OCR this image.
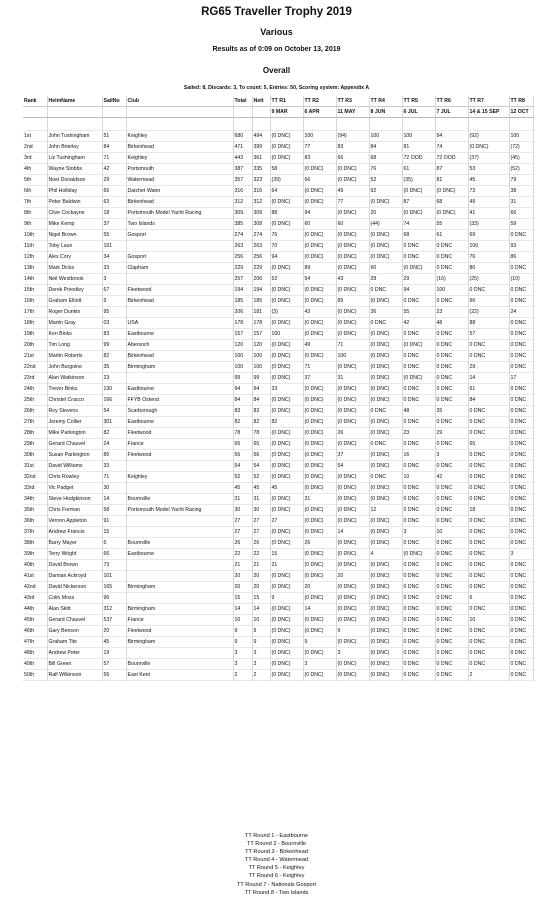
RG65 Traveller Trophy 2019
Various
Results as of 0:09 on October 13, 2019
Overall
Sailed: 8, Discards: 3, To count: 5, Entries: 50, Scoring system: Appendix A
Rank	HelmName	SailNo	Club	Total	Nett	TT R1	TT R2	TT R3	TT R4	TT R5	TT R6	TT R7	TT R8
						9 MAR	6 APR	11 MAY	8 JUN	6 JUL	7 JUL	14 & 15 SEP	12 OCT

1st	John Tushingham	51	Keighley	680	494	(0 DNC)	100	(94)	100	100	94	(92)	100
2nd	John Brierley	84	Birkenhead	471	399	(0 DNC)	77	83	84	81	74	(0 DNC)	(72)
3rd	Liz Tushingham	71	Keighley	443	361	(0 DNC)	83	66	68	72 OOD	72 OOD	(37)	(45)
4th	Wayne Stobbs	42	Portsmouth	387	335	58	(0 DNC)	(0 DNC)	76	61	87	53	(52)
5th	Noel Donaldson	29	Watermead	357	323	(39)	66	(0 DNC)	52	(35)	81	45	79
6th	Phil Holliday	66	Datchet Water	316	316	64	(0 DNC)	49	92	(0 DNC)	(0 DNC)	73	38
7th	Peter Baldwin	63	Birkenhead	312	312	(0 DNC)	(0 DNC)	77	(0 DNC)	87	68	49	31
8th	Clive Cockayne	18	Portsmouth Model Yacht Racing	309	309	88	94	(0 DNC)	20	(0 DNC)	(0 DNC)	41	66
9th	Mike Kemp	37	Two Islands	385	308	(0 DNC)	60	60	(44)	74	55	(33)	59
10th	Nigel Brown	55	Gosport	274	274	76	(0 DNC)	(0 DNC)	(0 DNC)	68	61	69	0 DNC
11th	Toby Laux	161		263	263	70	(0 DNC)	(0 DNC)	(0 DNC)	0 DNC	0 DNC	100	93
12th	Alex Cory	34	Gosport	256	256	94	(0 DNC)	(0 DNC)	(0 DNC)	0 DNC	0 DNC	76	86
13th	Mark Dicks	33	Clapham	229	229	(0 DNC)	89	(0 DNC)	60	(0 DNC)	0 DNC	80	0 DNC
14th	Neil Westbrook	3		257	206	52	54	43	28	29	(16)	(25)	(10)
15th	Derek Priestley	67	Fleetwood	194	194	(0 DNC)	(0 DNC)	(0 DNC)	0 DNC	94	100	0 DNC	0 DNC
16th	Graham Elliott	9	Birkenhead	185	185	(0 DNC)	(0 DNC)	89	(0 DNC)	0 DNC	0 DNC	96	0 DNC
17th	Roger Dunkin	95		206	181	(3)	43	(0 DNC)	36	55	23	(22)	24
18th	Martin Gray	03	USA	178	178	(0 DNC)	(0 DNC)	(0 DNC)	0 DNC	42	48	88	0 DNC
19th	Ken Binks	83	Eastbourne	157	157	100	(0 DNC)	(0 DNC)	(0 DNC)	0 DNC	0 DNC	57	0 DNC
20th	Tim Long	99	Abersoch	120	120	(0 DNC)	49	71	(0 DNC)	(0 DNC)	0 DNC	0 DNC	0 DNC
21st	Martin Roberts	82	Birkenhead	100	100	(0 DNC)	(0 DNC)	100	(0 DNC)	0 DNC	0 DNC	0 DNC	0 DNC
22nd	John Burgoine	35	Birmingham	100	100	(0 DNC)	71	(0 DNC)	(0 DNC)	0 DNC	0 DNC	29	0 DNC
23rd	Alan Watkinson	23		99	99	(0 DNC)	37	31	(0 DNC)	(0 DNC)	0 DNC	14	17
24th	Trevor Binks	130	Eastbourne	94	94	33	(0 DNC)	(0 DNC)	(0 DNC)	0 DNC	0 DNC	61	0 DNC
25th	Christel Cracco	166	FFYB Ostend	84	84	(0 DNC)	(0 DNC)	(0 DNC)	(0 DNC)	0 DNC	0 DNC	84	0 DNC
26th	Roy Stevens	54	Scarborough	83	83	(0 DNC)	(0 DNC)	(0 DNC)	0 DNC	48	35	0 DNC	0 DNC
27th	Jeremy Collier	301	Eastbourne	82	82	82	(0 DNC)	(0 DNC)	(0 DNC)	0 DNC	0 DNC	0 DNC	0 DNC
28th	Mike Parkington	82	Fleetwood	78	78	(0 DNC)	(0 DNC)	26	(0 DNC)	23	29	0 DNC	0 DNC
29th	Gerard Chauvel	24	France	65	65	(0 DNC)	(0 DNC)	(0 DNC)	0 DNC	0 DNC	0 DNC	65	0 DNC
30th	Susan Parkington	86	Fleetwood	56	56	(0 DNC)	(0 DNC)	37	(0 DNC)	16	3	0 DNC	0 DNC
31st	David Williams	33		54	54	(0 DNC)	(0 DNC)	54	(0 DNC)	0 DNC	0 DNC	0 DNC	0 DNC
32nd	Chris Rowley	71	Keighley	52	52	(0 DNC)	(0 DNC)	(0 DNC)	0 DNC	10	42	0 DNC	0 DNC
33rd	Vic Padget	30		45	45	45	(0 DNC)	(0 DNC)	(0 DNC)	0 DNC	0 DNC	0 DNC	0 DNC
34th	Steve Hodgkinson	14	Bournville	31	31	(0 DNC)	31	(0 DNC)	(0 DNC)	0 DNC	0 DNC	0 DNC	0 DNC
35th	Chris Forman	58	Portsmouth Model Yacht Racing	30	30	(0 DNC)	(0 DNC)	(0 DNC)	12	0 DNC	0 DNC	18	0 DNC
36th	Vernon Appleton	91		27	27	27	(0 DNC)	(0 DNC)	(0 DNC)	0 DNC	0 DNC	0 DNC	0 DNC
37th	Andrew Francis	15		27	27	(0 DNC)	(0 DNC)	14	(0 DNC)	3	10	0 DNC	0 DNC
38th	Barry Mayer	6	Bournville	26	26	(0 DNC)	26	(0 DNC)	(0 DNC)	0 DNC	0 DNC	0 DNC	0 DNC
39th	Terry Wright	66	Eastbourne	22	22	15	(0 DNC)	(0 DNC)	4	(0 DNC)	0 DNC	0 DNC	3
40th	David Brown	73		21	21	21	(0 DNC)	(0 DNC)	(0 DNC)	0 DNC	0 DNC	0 DNC	0 DNC
41st	Damian Ackroyd	101		20	20	(0 DNC)	(0 DNC)	20	(0 DNC)	0 DNC	0 DNC	0 DNC	0 DNC
42nd	David Nickerson	165	Birmingham	20	20	(0 DNC)	20	(0 DNC)	(0 DNC)	0 DNC	0 DNC	0 DNC	0 DNC
43rd	Colin Moss	96		15	15	9	(0 DNC)	(0 DNC)	(0 DNC)	0 DNC	0 DNC	6	0 DNC
44th	Alan Skitt	312	Birmingham	14	14	(0 DNC)	14	(0 DNC)	(0 DNC)	0 DNC	0 DNC	0 DNC	0 DNC
45th	Gerard Chauvel	537	France	10	10	(0 DNC)	(0 DNC)	(0 DNC)	(0 DNC)	0 DNC	0 DNC	10	0 DNC
46th	Gary Benson	20	Fleetwood	9	9	(0 DNC)	(0 DNC)	9	(0 DNC)	0 DNC	0 DNC	0 DNC	0 DNC
47th	Graham Tite	45	Birmingham	9	9	(0 DNC)	9	(0 DNC)	(0 DNC)	0 DNC	0 DNC	0 DNC	0 DNC
48th	Andrew Peter	19		3	3	(0 DNC)	(0 DNC)	3	(0 DNC)	0 DNC	0 DNC	0 DNC	0 DNC
49th	Bill Green	57	Bournville	3	3	(0 DNC)	3	(0 DNC)	(0 DNC)	0 DNC	0 DNC	0 DNC	0 DNC
50th	Ralf Wilkinson	56	East Kent	2	2	(0 DNC)	(0 DNC)	(0 DNC)	(0 DNC)	0 DNC	0 DNC	2	0 DNC
TT Round 1 - Eastbourne
TT Round 2 - Bournville
TT Round 3 - Birkenhead
TT Round 4 - Watermead
TT Round 5 - Keighley
TT Round 6 - Keighley
TT Round 7 - Nationals Gosport
TT Round 8 - Two Islands
